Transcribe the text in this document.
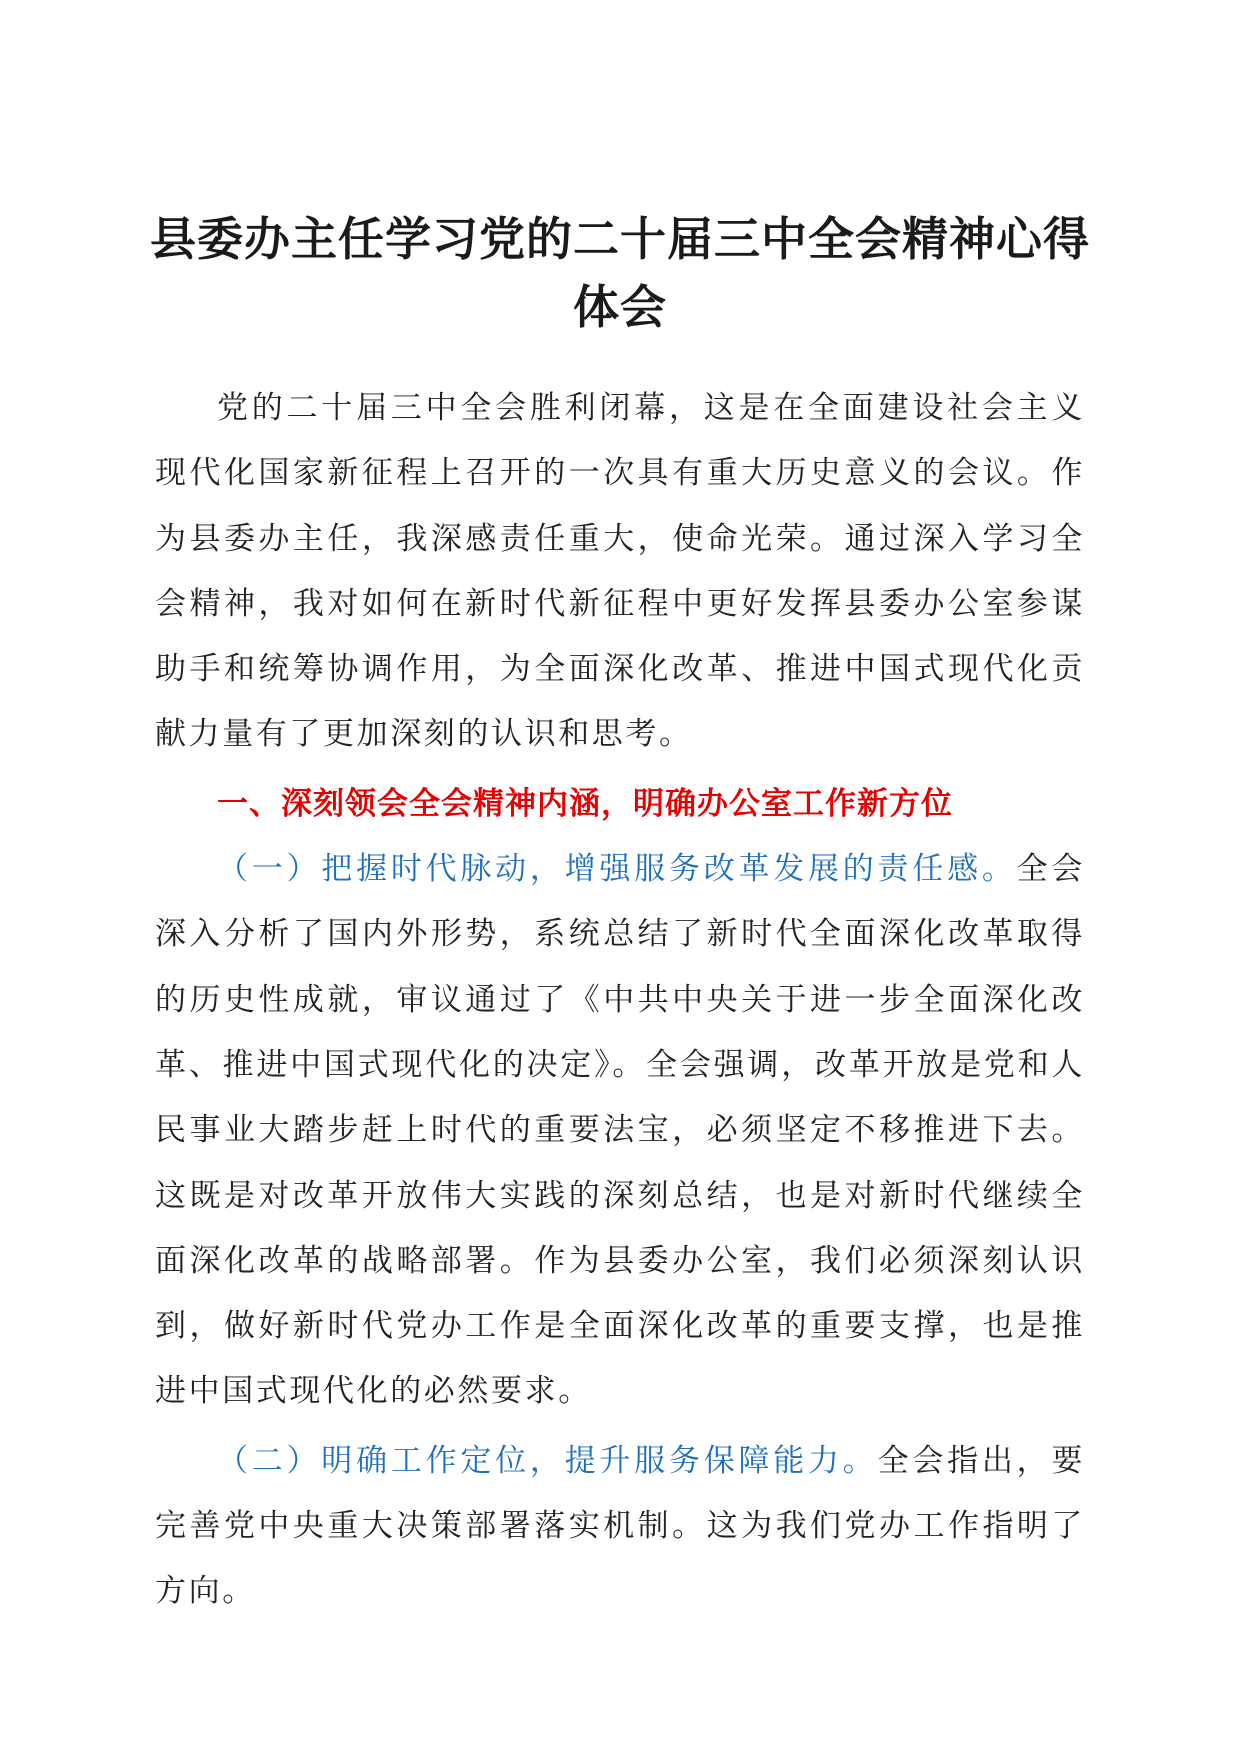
县委办主任学习党的二十届三中全会精神心得体会

党的二十届三中全会胜利闭幕，这是在全面建设社会主义现代化国家新征程上召开的一次具有重大历史意义的会议。作为县委办主任，我深感责任重大，使命光荣。通过深入学习全会精神，我对如何在新时代新征程中更好发挥县委办公室参谋助手和统筹协调作用，为全面深化改革、推进中国式现代化贡献力量有了更加深刻的认识和思考。

一、深刻领会全会精神内涵，明确办公室工作新方位

（一）把握时代脉动，增强服务改革发展的责任感。全会深入分析了国内外形势，系统总结了新时代全面深化改革取得的历史性成就，审议通过了《中共中央关于进一步全面深化改革、推进中国式现代化的决定》。全会强调，改革开放是党和人民事业大踏步赶上时代的重要法宝，必须坚定不移推进下去。这既是对改革开放伟大实践的深刻总结，也是对新时代继续全面深化改革的战略部署。作为县委办公室，我们必须深刻认识到，做好新时代党办工作是全面深化改革的重要支撑，也是推进中国式现代化的必然要求。

（二）明确工作定位，提升服务保障能力。全会指出，要完善党中央重大决策部署落实机制。这为我们党办工作指明了方向。
